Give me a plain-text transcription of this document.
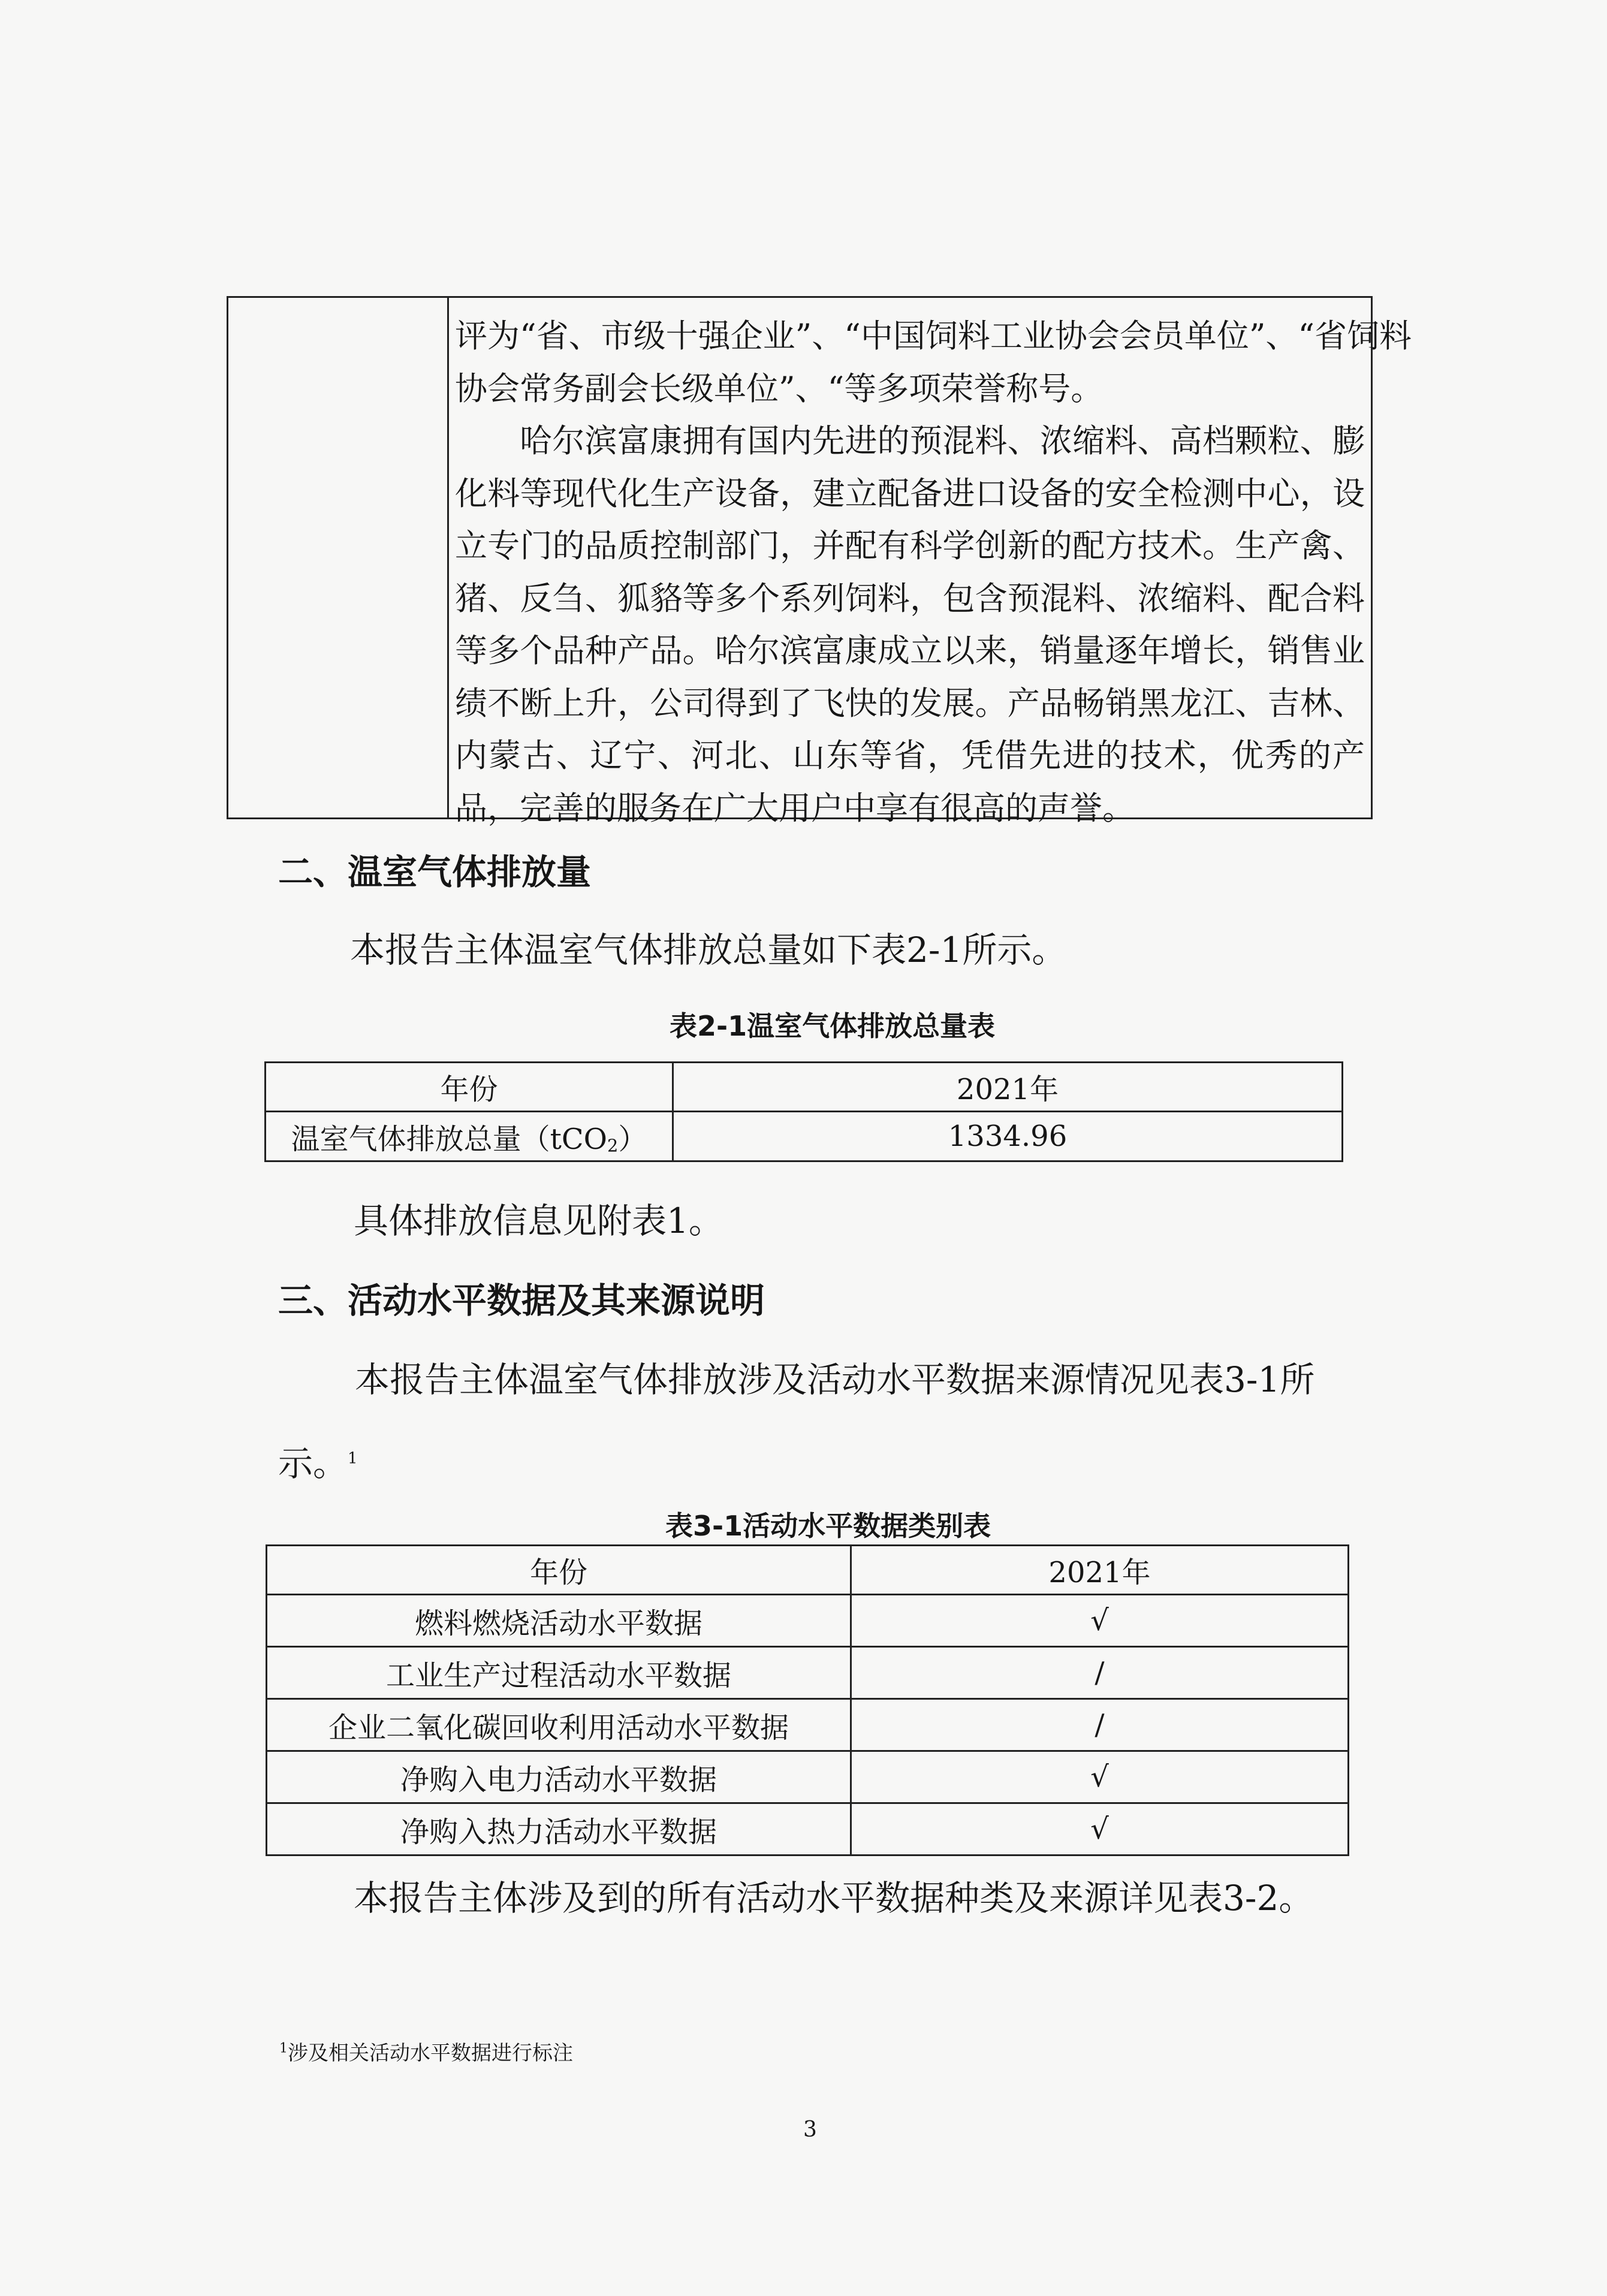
评为“省、市级十强企业”、“中国饲料工业协会会员单位”、“省饲料

协会常务副会长级单位”、“等多项荣誉称号。

哈尔滨富康拥有国内先进的预混料、浓缩料、高档颗粒、膨化料等现代化生产设备，建立配备进口设备的安全检测中心，设立专门的品质控制部门，并配有科学创新的配方技术。生产禽、猪、反刍、狐貉等多个系列饲料，包含预混料、浓缩料、配合料等多个品种产品。哈尔滨富康成立以来，销量逐年增长，销售业绩不断上升，公司得到了飞快的发展。产品畅销黑龙江、吉林、内蒙古、辽宁、河北、山东等省，凭借先进的技术，优秀的产品，完善的服务在广大用户中享有很高的声誉。

二、温室气体排放量
本报告主体温室气体排放总量如下表2-1所示。
表2-1温室气体排放总量表
年份	2021年
温室气体排放总量（tCO$_2$）	1334.96
具体排放信息见附表1。
三、活动水平数据及其来源说明
本报告主体温室气体排放涉及活动水平数据来源情况见表3-1所
示。$^1$
表3-1活动水平数据类别表
年份	2021年
燃料燃烧活动水平数据	√
工业生产过程活动水平数据	/
企业二氧化碳回收利用活动水平数据	/
净购入电力活动水平数据	√
净购入热力活动水平数据	√
本报告主体涉及到的所有活动水平数据种类及来源详见表3-2。
$^1$涉及相关活动水平数据进行标注
3
